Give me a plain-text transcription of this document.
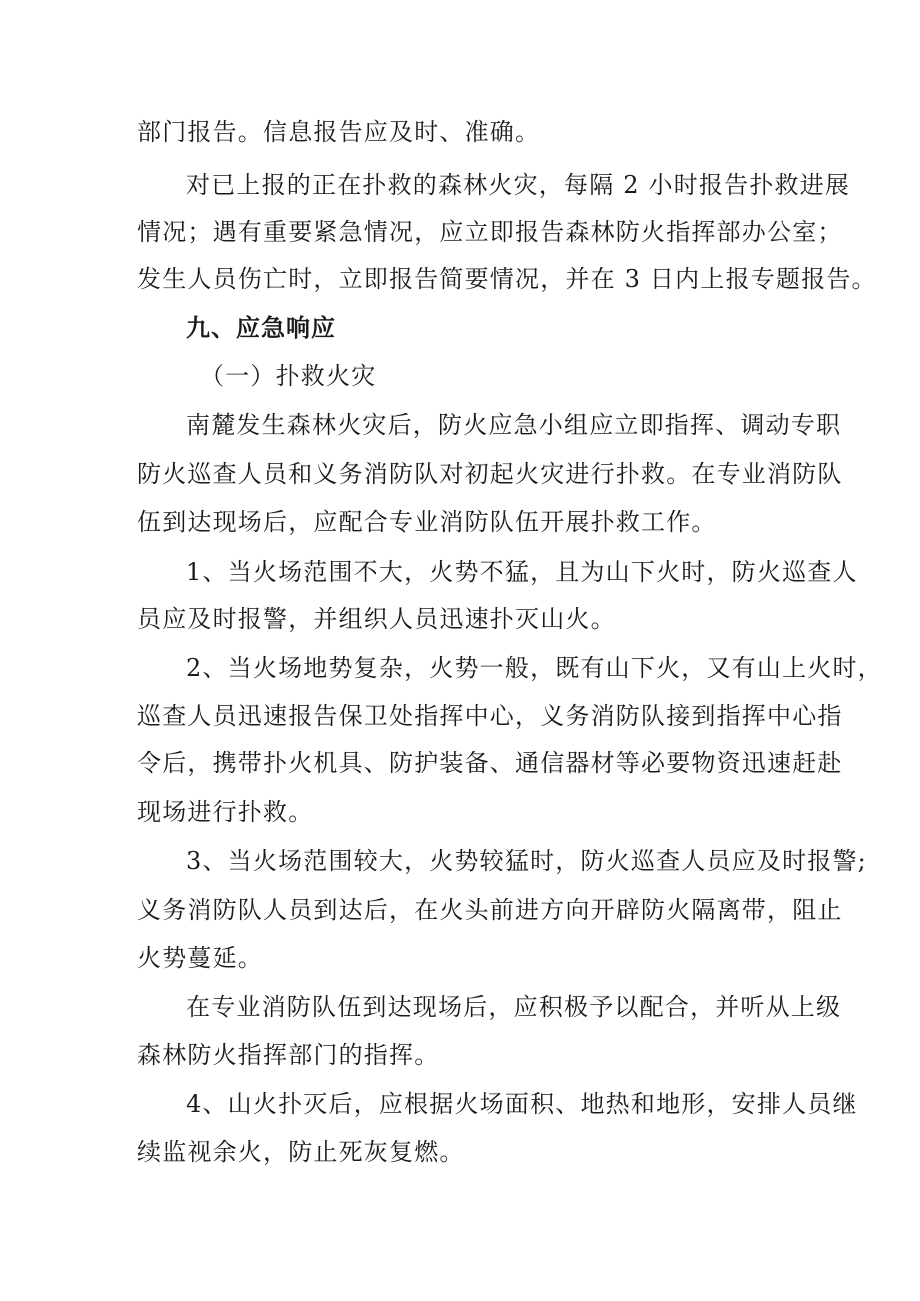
部门报告。信息报告应及时、准确。
对已上报的正在扑救的森林火灾，每隔 2 小时报告扑救进展
情况；遇有重要紧急情况，应立即报告森林防火指挥部办公室；
发生人员伤亡时，立即报告简要情况，并在 3 日内上报专题报告。
九、应急响应
（一）扑救火灾
南麓发生森林火灾后，防火应急小组应立即指挥、调动专职
防火巡查人员和义务消防队对初起火灾进行扑救。在专业消防队
伍到达现场后，应配合专业消防队伍开展扑救工作。
1、当火场范围不大，火势不猛，且为山下火时，防火巡查人
员应及时报警，并组织人员迅速扑灭山火。
2、当火场地势复杂，火势一般，既有山下火，又有山上火时，
巡查人员迅速报告保卫处指挥中心，义务消防队接到指挥中心指
令后，携带扑火机具、防护装备、通信器材等必要物资迅速赶赴
现场进行扑救。
3、当火场范围较大，火势较猛时，防火巡查人员应及时报警;
义务消防队人员到达后，在火头前进方向开辟防火隔离带，阻止
火势蔓延。
在专业消防队伍到达现场后，应积极予以配合，并听从上级
森林防火指挥部门的指挥。
4、山火扑灭后，应根据火场面积、地热和地形，安排人员继
续监视余火，防止死灰复燃。
